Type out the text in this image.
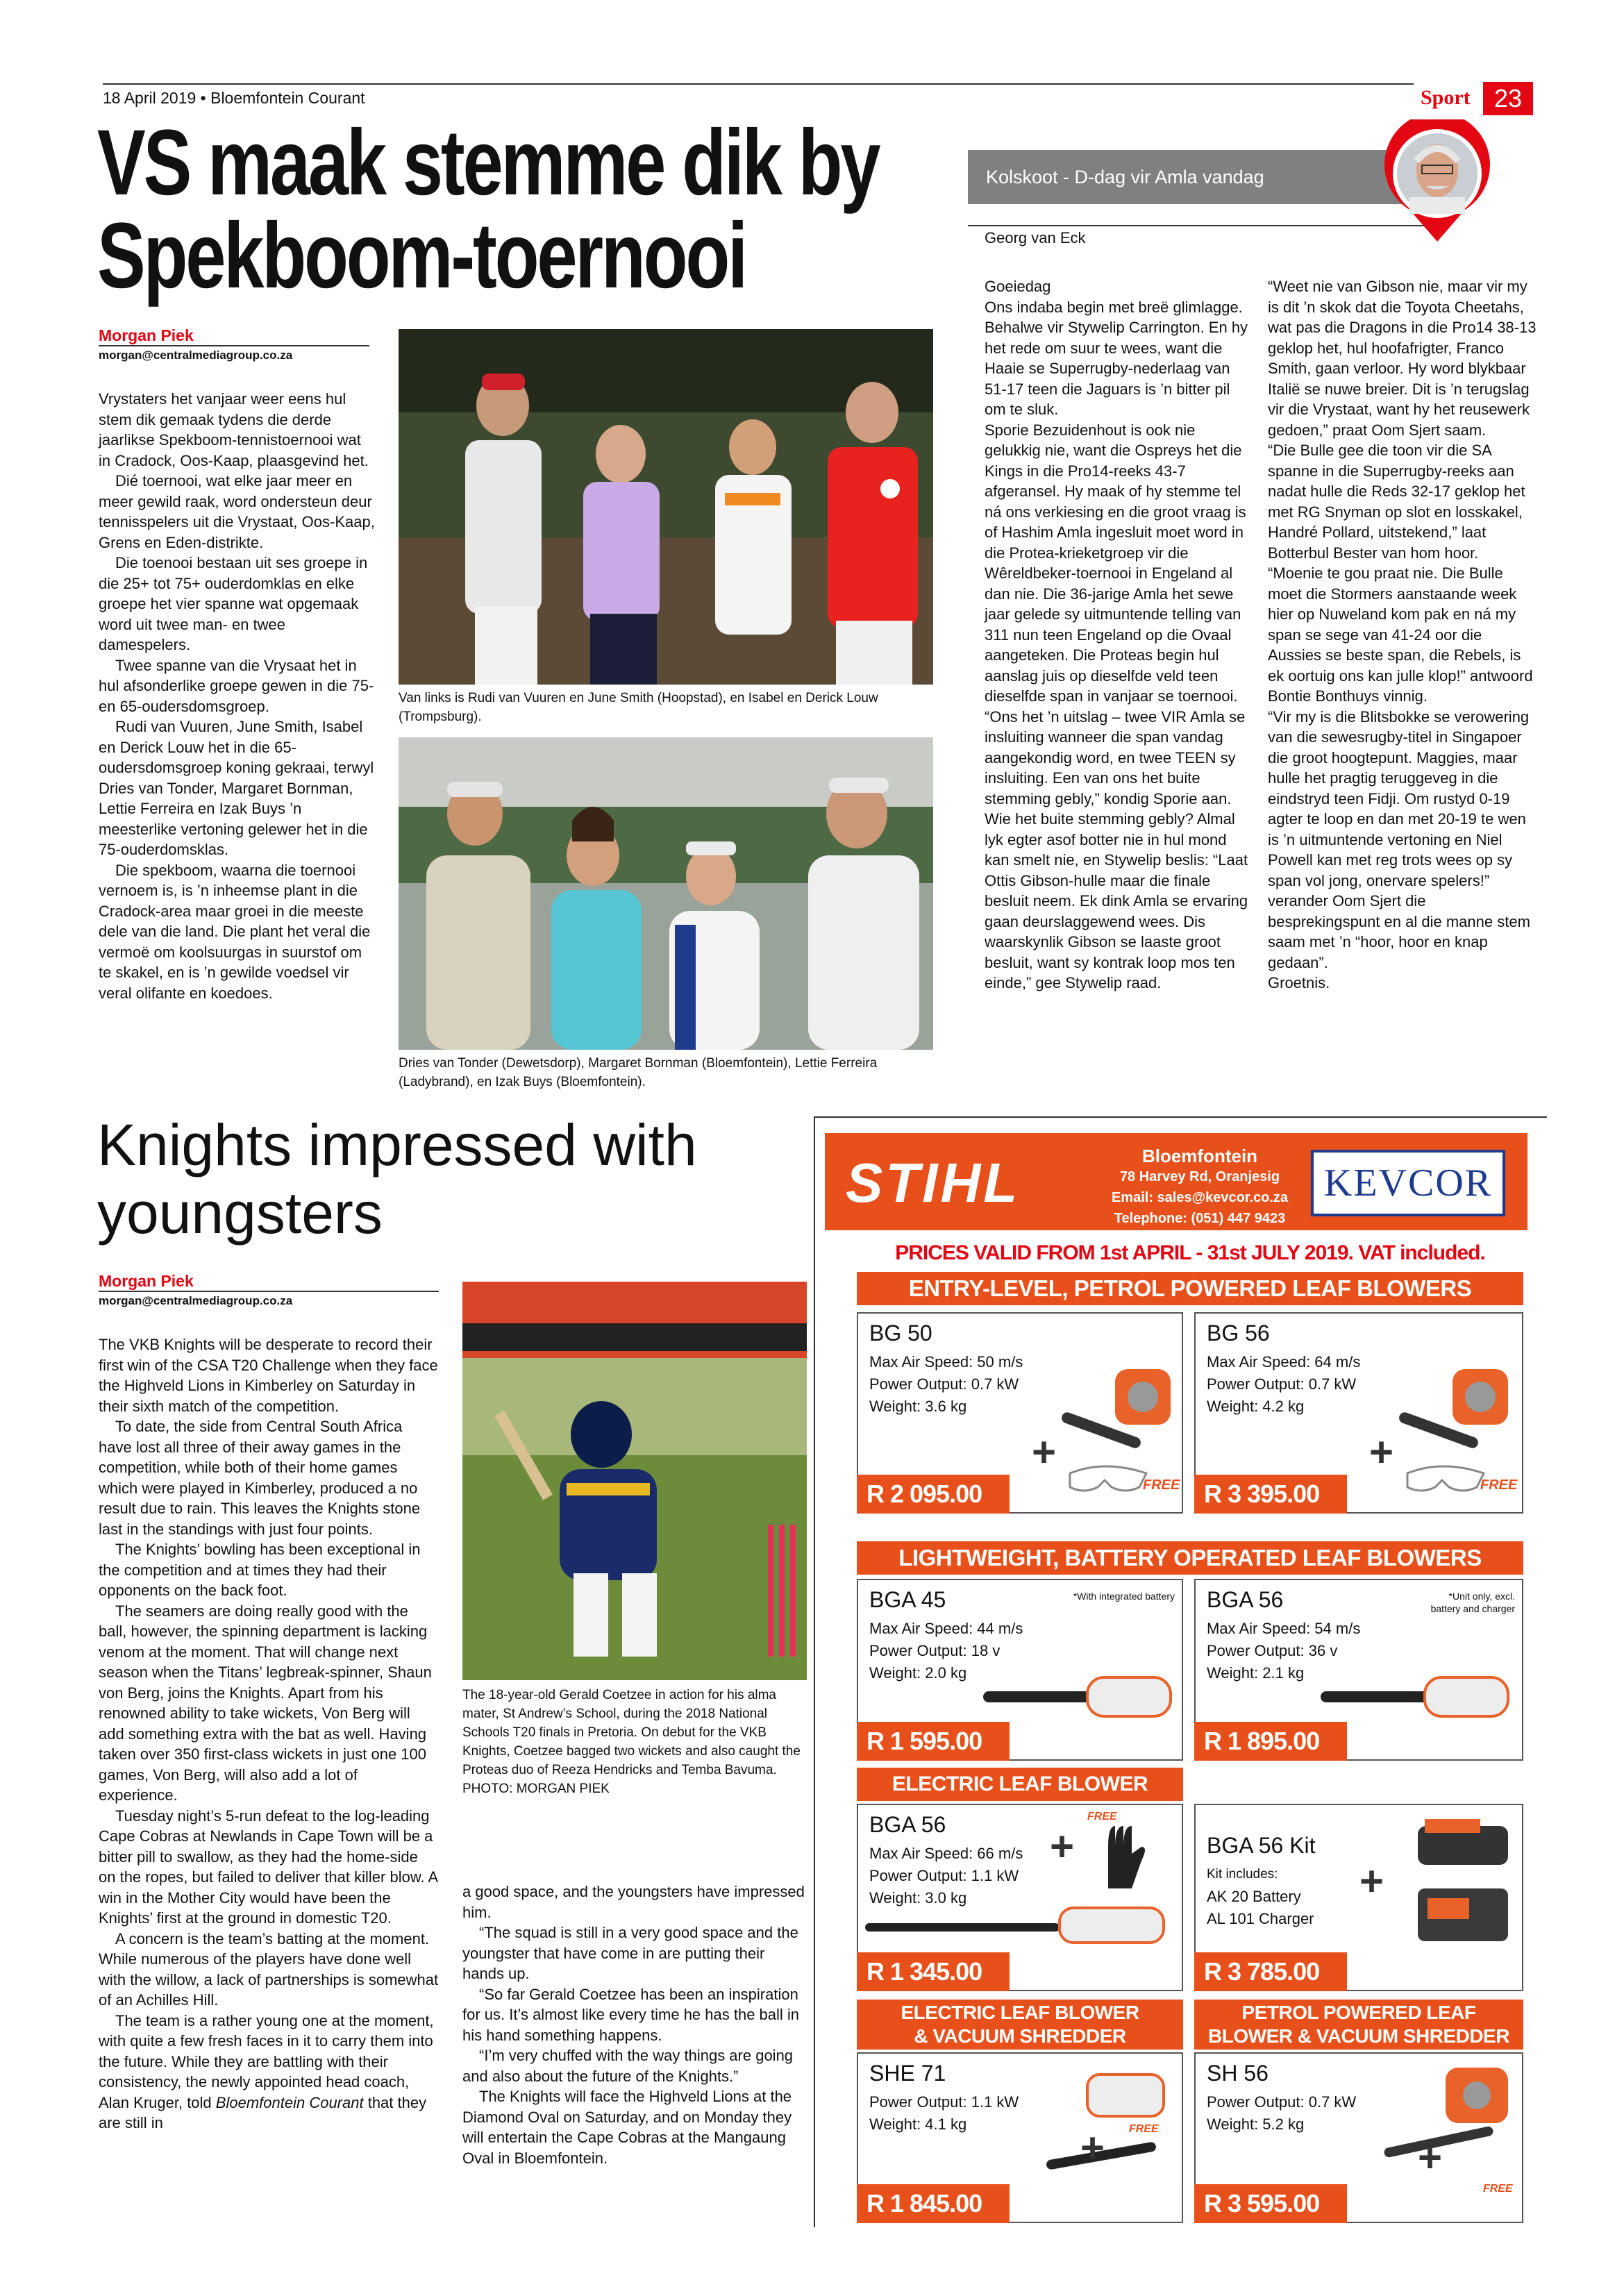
18 April 2019 • Bloemfontein Courant	Sport 23
VS maak stemme dik by
Spekboom-toernooi
Morgan Piek
morgan@centralmediagroup.co.za

Vrystaters het vanjaar weer eens hul stem dik gemaak tydens die derde jaarlikse Spekboom-tennistoernooi wat in Cradock, Oos-Kaap, plaasgevind het.

Dié toernooi, wat elke jaar meer en meer gewild raak, word ondersteun deur tennisspelers uit die Vrystaat, Oos-Kaap, Grens en Eden-distrikte.

Die toenooi bestaan uit ses groepe in die 25+ tot 75+ ouderdomklas en elke groepe het vier spanne wat opgemaak word uit twee man- en twee damespelers.

Twee spanne van die Vrysaat het in hul afsonderlike groepe gewen in die 75- en 65-oudersdomsgroep.

Rudi van Vuuren, June Smith, Isabel en Derick Louw het in die 65-oudersdomsgroep koning gekraai, terwyl Dries van Tonder, Margaret Bornman, Lettie Ferreira en Izak Buys ’n meesterlike vertoning gelewer het in die 75-ouderdomsklas.

Die spekboom, waarna die toernooi vernoem is, is ’n inheemse plant in die Cradock-area maar groei in die meeste dele van die land. Die plant het veral die vermoë om koolsuurgas in suurstof om te skakel, en is ’n gewilde voedsel vir veral olifante en koedoes.

Van links is Rudi van Vuuren en June Smith (Hoopstad), en Isabel en Derick Louw (Trompsburg).
Dries van Tonder (Dewetsdorp), Margaret Bornman (Bloemfontein), Lettie Ferreira (Ladybrand), en Izak Buys (Bloemfontein).
Kolskoot - D-dag vir Amla vandag
Georg van Eck
Goeiedag
Ons indaba begin met breë glimlagge. Behalwe vir Stywelip Carrington. En hy het rede om suur te wees, want die Haaie se Superrugby-nederlaag van 51-17 teen die Jaguars is ’n bitter pil om te sluk.
Sporie Bezuidenhout is ook nie gelukkig nie, want die Ospreys het die Kings in die Pro14-reeks 43-7 afgeransel. Hy maak of hy stemme tel ná ons verkiesing en die groot vraag is of Hashim Amla ingesluit moet word in die Protea-krieketgroep vir die Wêreldbeker-toernooi in Engeland al dan nie. Die 36-jarige Amla het sewe jaar gelede sy uitmuntende telling van 311 nun teen Engeland op die Ovaal aangeteken. Die Proteas begin hul aanslag juis op dieselfde veld teen dieselfde span in vanjaar se toernooi.
“Ons het ’n uitslag – twee VIR Amla se insluiting wanneer die span vandag aangekondig word, en twee TEEN sy insluiting. Een van ons het buite stemming gebly,” kondig Sporie aan.
Wie het buite stemming gebly? Almal lyk egter asof botter nie in hul mond kan smelt nie, en Stywelip beslis: “Laat Ottis Gibson-hulle maar die finale besluit neem. Ek dink Amla se ervaring gaan deurslaggewend wees. Dis waarskynlik Gibson se laaste groot besluit, want sy kontrak loop mos ten einde,” gee Stywelip raad.
“Weet nie van Gibson nie, maar vir my is dit ’n skok dat die Toyota Cheetahs, wat pas die Dragons in die Pro14 38-13 geklop het, hul hoofafrigter, Franco Smith, gaan verloor. Hy word blykbaar Italië se nuwe breier. Dit is ’n terugslag vir die Vrystaat, want hy het reusewerk gedoen,” praat Oom Sjert saam.
“Die Bulle gee die toon vir die SA spanne in die Superrugby-reeks aan nadat hulle die Reds 32-17 geklop het met RG Snyman op slot en losskakel, Handré Pollard, uitstekend,” laat Botterbul Bester van hom hoor.
“Moenie te gou praat nie. Die Bulle moet die Stormers aanstaande week hier op Nuweland kom pak en ná my span se sege van 41-24 oor die Aussies se beste span, die Rebels, is ek oortuig ons kan julle klop!” antwoord Bontie Bonthuys vinnig.
“Vir my is die Blitsbokke se verowering van die sewesrugby-titel in Singapoer die groot hoogtepunt. Maggies, maar hulle het pragtig teruggeveg in die eindstryd teen Fidji. Om rustyd 0-19 agter te loop en dan met 20-19 te wen is ’n uitmuntende vertoning en Niel Powell kan met reg trots wees op sy span vol jong, onervare spelers!” verander Oom Sjert die besprekingspunt en al die manne stem saam met ’n “hoor, hoor en knap gedaan”.
Groetnis.
Knights impressed with youngsters
Morgan Piek
morgan@centralmediagroup.co.za

The VKB Knights will be desperate to record their first win of the CSA T20 Challenge when they face the Highveld Lions in Kimberley on Saturday in their sixth match of the competition.

To date, the side from Central South Africa have lost all three of their away games in the competition, while both of their home games which were played in Kimberley, produced a no result due to rain. This leaves the Knights stone last in the standings with just four points.

The Knights’ bowling has been exceptional in the competition and at times they had their opponents on the back foot.

The seamers are doing really good with the ball, however, the spinning department is lacking venom at the moment. That will change next season when the Titans’ legbreak-spinner, Shaun von Berg, joins the Knights. Apart from his renowned ability to take wickets, Von Berg will add something extra with the bat as well. Having taken over 350 first-class wickets in just one 100 games, Von Berg, will also add a lot of experience.

Tuesday night’s 5-run defeat to the log-leading Cape Cobras at Newlands in Cape Town will be a bitter pill to swallow, as they had the home-side on the ropes, but failed to deliver that killer blow. A win in the Mother City would have been the Knights’ first at the ground in domestic T20.

A concern is the team’s batting at the moment. While numerous of the players have done well with the willow, a lack of partnerships is somewhat of an Achilles Hill.

The team is a rather young one at the moment, with quite a few fresh faces in it to carry them into the future. While they are battling with their consistency, the newly appointed head coach, Alan Kruger, told Bloemfontein Courant that they are still in

The 18-year-old Gerald Coetzee in action for his alma mater, St Andrew’s School, during the 2018 National Schools T20 finals in Pretoria. On debut for the VKB Knights, Coetzee bagged two wickets and also caught the Proteas duo of Reeza Hendricks and Temba Bavuma. PHOTO: MORGAN PIEK

a good space, and the youngsters have impressed him.

“The squad is still in a very good space and the youngster that have come in are putting their hands up.

“So far Gerald Coetzee has been an inspiration for us. It’s almost like every time he has the ball in his hand something happens.

“I’m very chuffed with the way things are going and also about the future of the Knights.”

The Knights will face the Highveld Lions at the Diamond Oval on Saturday, and on Monday they will entertain the Cape Cobras at the Mangaung Oval in Bloemfontein.

STIHL	Bloemfontein
78 Harvey Rd, Oranjesig
Email: sales@kevcor.co.za
Telephone: (051) 447 9423
KEVCOR
PRICES VALID FROM 1st APRIL - 31st JULY 2019. VAT included.
ENTRY-LEVEL, PETROL POWERED LEAF BLOWERS
BG 50
Max Air Speed: 50 m/s
Power Output: 0.7 kW
Weight: 3.6 kg
+
FREE
R 2 095.00
BG 56
Max Air Speed: 64 m/s
Power Output: 0.7 kW
Weight: 4.2 kg
+
FREE
R 3 395.00
LIGHTWEIGHT, BATTERY OPERATED LEAF BLOWERS
BGA 45	*With integrated battery
Max Air Speed: 44 m/s
Power Output: 18 v
Weight: 2.0 kg
R 1 595.00
BGA 56	*Unit only, excl.
battery and charger
Max Air Speed: 54 m/s
Power Output: 36 v
Weight: 2.1 kg
R 1 895.00
ELECTRIC LEAF BLOWER
BGA 56
Max Air Speed: 66 m/s
Power Output: 1.1 kW
Weight: 3.0 kg
+
FREE
R 1 345.00
BGA 56 Kit
Kit includes:
AK 20 Battery
AL 101 Charger
+
R 3 785.00
ELECTRIC LEAF BLOWER
& VACUUM SHREDDER
PETROL POWERED LEAF
BLOWER & VACUUM SHREDDER
SHE 71
Power Output: 1.1 kW
Weight: 4.1 kg
+ FREE
R 1 845.00
SH 56
Power Output: 0.7 kW
Weight: 5.2 kg
+
FREE
R 3 595.00
